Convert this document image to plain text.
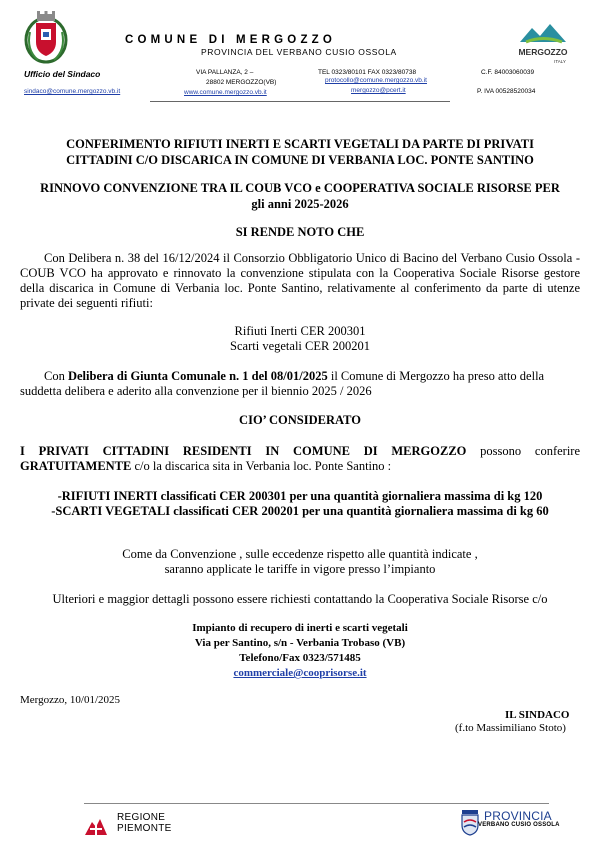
COMUNE DI MERGOZZO
PROVINCIA DEL VERBANO CUSIO OSSOLA
Ufficio del Sindaco
sindaco@comune.mergozzo.vb.it
VIA PALLANZA, 2 –
28802 MERGOZZO(VB)
www.comune.mergozzo.vb.it
TEL 0323/80101 FAX 0323/80738
protocollo@comune.mergozzo.vb.it
mergozzo@pcert.it
C.F. 84003060039
P. IVA 00528520034
MERGOZZO
ITALY
CONFERIMENTO RIFIUTI INERTI E SCARTI VEGETALI DA PARTE DI PRIVATI
CITTADINI C/O DISCARICA IN COMUNE DI VERBANIA LOC. PONTE SANTINO
RINNOVO CONVENZIONE TRA IL COUB VCO e COOPERATIVA SOCIALE RISORSE PER
gli anni 2025-2026
SI RENDE NOTO CHE
Con Delibera n. 38 del 16/12/2024 il Consorzio Obbligatorio Unico di Bacino del Verbano Cusio Ossola - COUB VCO ha approvato e rinnovato la convenzione stipulata con la Cooperativa Sociale Risorse gestore della discarica in Comune di Verbania loc. Ponte Santino, relativamente al conferimento da parte di utenze private dei seguenti rifiuti:
Rifiuti Inerti CER 200301
Scarti vegetali CER 200201
Con Delibera di Giunta Comunale n. 1 del 08/01/2025 il Comune di Mergozzo ha preso atto della suddetta delibera e aderito alla convenzione per il biennio 2025 / 2026
CIO’ CONSIDERATO
I PRIVATI CITTADINI RESIDENTI IN COMUNE DI MERGOZZO possono conferire GRATUITAMENTE c/o la discarica sita in Verbania loc. Ponte Santino :
-RIFIUTI INERTI classificati CER 200301 per una quantità giornaliera massima di kg 120
-SCARTI VEGETALI classificati CER 200201 per una quantità giornaliera massima di kg 60
Come da Convenzione , sulle eccedenze rispetto alle quantità indicate ,
saranno applicate le tariffe in vigore presso l’impianto
Ulteriori e maggior dettagli possono essere richiesti contattando la Cooperativa Sociale Risorse c/o
Impianto di recupero di inerti e scarti vegetali
Via per Santino, s/n - Verbania Trobaso (VB)
Telefono/Fax 0323/571485
commerciale@cooprisorse.it
Mergozzo, 10/01/2025
IL SINDACO
(f.to Massimiliano Stoto)
REGIONE
PIEMONTE
PROVINCIA
VERBANO CUSIO OSSOLA
